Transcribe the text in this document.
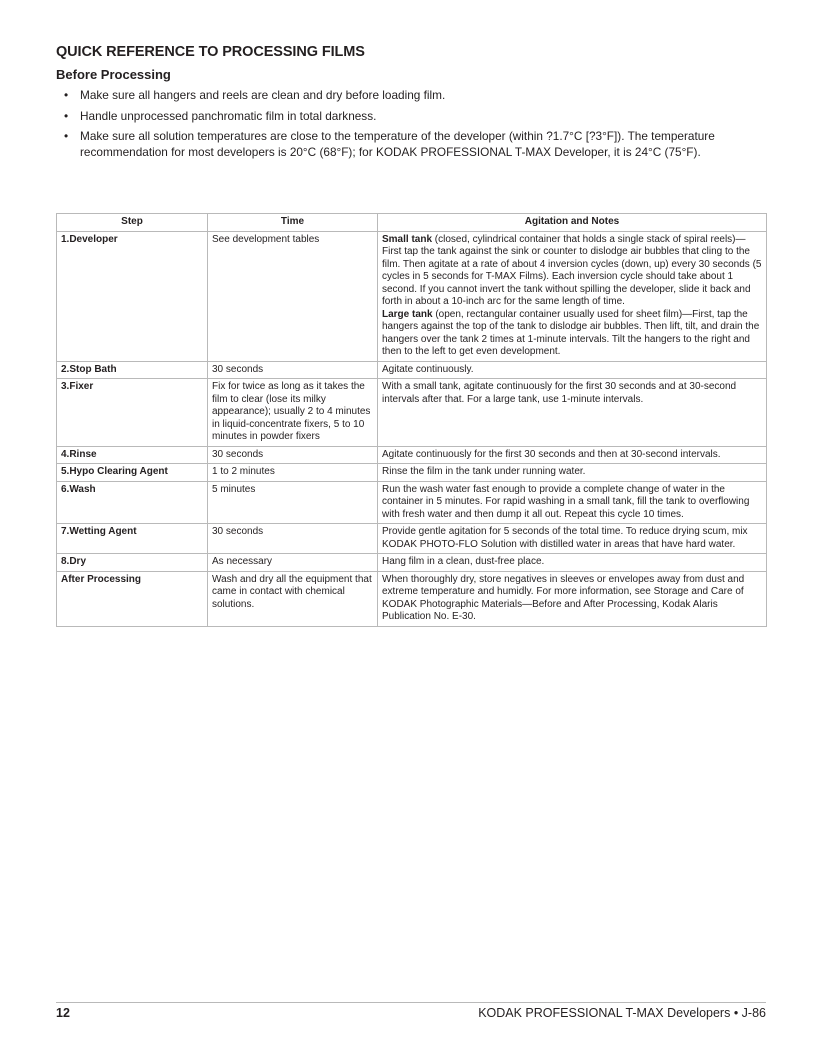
QUICK REFERENCE TO PROCESSING FILMS
Before Processing
• Make sure all hangers and reels are clean and dry before loading film.
• Handle unprocessed panchromatic film in total darkness.
• Make sure all solution temperatures are close to the temperature of the developer (within ?1.7°C [?3°F]). The temperature recommendation for most developers is 20°C (68°F); for KODAK PROFESSIONAL T-MAX Developer, it is 24°C (75°F).
Step	Time	Agitation and Notes
1.Developer	See development tables	Small tank (closed, cylindrical container that holds a single stack of spiral reels)—First tap the tank against the sink or counter to dislodge air bubbles that cling to the film. Then agitate at a rate of about 4 inversion cycles (down, up) every 30 seconds (5 cycles in 5 seconds for T-MAX Films). Each inversion cycle should take about 1 second. If you cannot invert the tank without spilling the developer, slide it back and forth in about a 10-inch arc for the same length of time.
Large tank (open, rectangular container usually used for sheet film)—First, tap the hangers against the top of the tank to dislodge air bubbles. Then lift, tilt, and drain the hangers over the tank 2 times at 1-minute intervals. Tilt the hangers to the right and then to the left to get even development.
2.Stop Bath	30 seconds	Agitate continuously.
3.Fixer	Fix for twice as long as it takes the film to clear (lose its milky appearance); usually 2 to 4 minutes in liquid-concentrate fixers, 5 to 10 minutes in powder fixers	With a small tank, agitate continuously for the first 30 seconds and at 30-second intervals after that. For a large tank, use 1-minute intervals.
4.Rinse	30 seconds	Agitate continuously for the first 30 seconds and then at 30-second intervals.
5.Hypo Clearing Agent	1 to 2 minutes	Rinse the film in the tank under running water.
6.Wash	5 minutes	Run the wash water fast enough to provide a complete change of water in the container in 5 minutes. For rapid washing in a small tank, fill the tank to overflowing with fresh water and then dump it all out. Repeat this cycle 10 times.
7.Wetting Agent	30 seconds	Provide gentle agitation for 5 seconds of the total time. To reduce drying scum, mix KODAK PHOTO-FLO Solution with distilled water in areas that have hard water.
8.Dry	As necessary	Hang film in a clean, dust-free place.
After Processing	Wash and dry all the equipment that came in contact with chemical solutions.	When thoroughly dry, store negatives in sleeves or envelopes away from dust and extreme temperature and humidly. For more information, see Storage and Care of KODAK Photographic Materials—Before and After Processing, Kodak Alaris Publication No. E-30.
12	KODAK PROFESSIONAL T-MAX Developers • J-86
